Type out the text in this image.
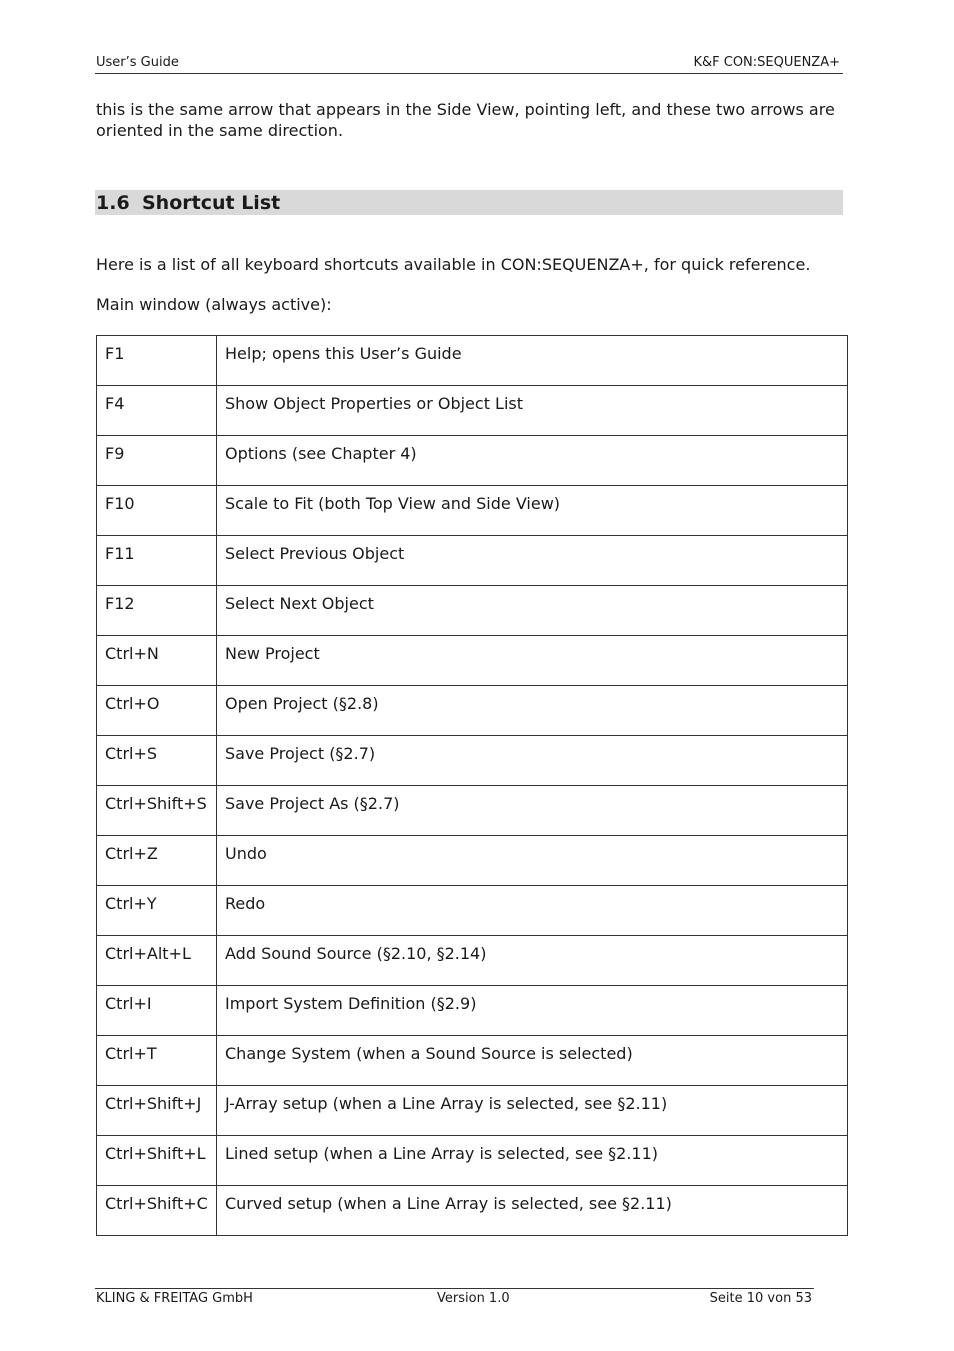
User’s Guide	K&F CON:SEQUENZA+

this is the same arrow that appears in the Side View, pointing left, and these two arrows are oriented in the same direction.

1.6 Shortcut List

Here is a list of all keyboard shortcuts available in CON:SEQUENZA+, for quick reference.

Main window (always active):

F1	Help; opens this User’s Guide
F4	Show Object Properties or Object List
F9	Options (see Chapter 4)
F10	Scale to Fit (both Top View and Side View)
F11	Select Previous Object
F12	Select Next Object
Ctrl+N	New Project
Ctrl+O	Open Project (§2.8)
Ctrl+S	Save Project (§2.7)
Ctrl+Shift+S	Save Project As (§2.7)
Ctrl+Z	Undo
Ctrl+Y	Redo
Ctrl+Alt+L	Add Sound Source (§2.10, §2.14)
Ctrl+I	Import System Definition (§2.9)
Ctrl+T	Change System (when a Sound Source is selected)
Ctrl+Shift+J	J-Array setup (when a Line Array is selected, see §2.11)
Ctrl+Shift+L	Lined setup (when a Line Array is selected, see §2.11)
Ctrl+Shift+C	Curved setup (when a Line Array is selected, see §2.11)
KLING & FREITAG GmbH	Version 1.0	Seite 10 von 53
